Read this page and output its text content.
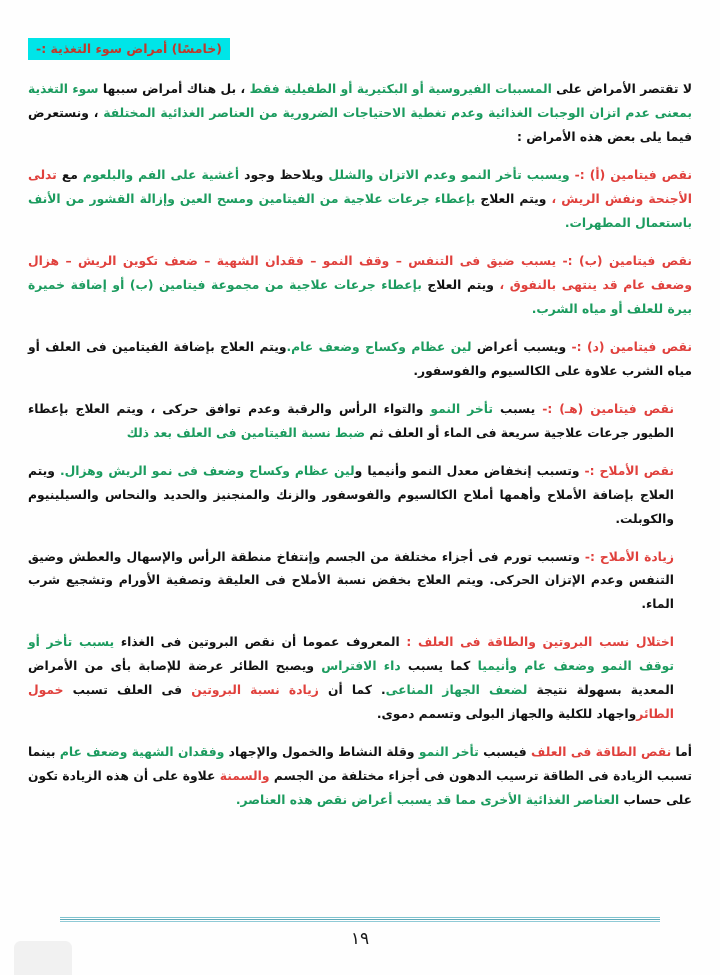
(خامسًا) أمراض سوء التغذية :-

لا تقتصر الأمراض على المسببات الفيروسية أو البكتيرية أو الطفيلية فقط ، بل هناك أمراض سببها سوء التغذية بمعنى عدم اتزان الوجبات الغذائية وعدم تغطية الاحتياجات الضرورية من العناصر الغذائية المختلفة ، ونستعرض فيما يلى بعض هذه الأمراض :

نقص فيتامين (أ) :- ويسبب تأخر النمو وعدم الاتزان والشلل ويلاحظ وجود أغشية على الفم والبلعوم مع تدلى الأجنحة ونفش الريش ، ويتم العلاج بإعطاء جرعات علاجية من الفيتامين ومسح العين وإزالة القشور من الأنف باستعمال المطهرات.

نقص فيتامين (ب) :- يسبب ضيق فى التنفس – وقف النمو – فقدان الشهية – ضعف تكوين الريش – هزال وضعف عام قد ينتهى بالنفوق ، ويتم العلاج بإعطاء جرعات علاجية من مجموعة فيتامين (ب) أو إضافة خميرة بيرة للعلف أو مياه الشرب.

نقص فيتامين (د) :- ويسبب أعراض لين عظام وكساح وضعف عام.ويتم العلاج بإضافة الفيتامين فى العلف أو مياه الشرب علاوة على الكالسيوم والفوسفور.

نقص فيتامين (هـ) :- يسبب تأخر النمو والتواء الرأس والرقبة وعدم توافق حركى ، ويتم العلاج بإعطاء الطيور جرعات علاجية سريعة فى الماء أو العلف ثم ضبط نسبة الفيتامين فى العلف بعد ذلك

نقص الأملاح :- وتسبب إنخفاض معدل النمو وأنيميا ولين عظام وكساح وضعف فى نمو الريش وهزال. ويتم العلاج بإضافة الأملاح وأهمها أملاح الكالسيوم والفوسفور والزنك والمنجنيز والحديد والنحاس والسيلينيوم والكوبلت.

زيادة الأملاح :- وتسبب تورم فى أجزاء مختلفة من الجسم وإنتفاخ منطقة الرأس والإسهال والعطش وضيق التنفس وعدم الإتزان الحركى. ويتم العلاج بخفض نسبة الأملاح فى العليقة وتصفية الأورام وتشجيع شرب الماء.

اختلال نسب البروتين والطاقة فى العلف : المعروف عموما أن نقص البروتين فى الغذاء يسبب تأخر أو توقف النمو وضعف عام وأنيميا كما يسبب داء الافتراس ويصبح الطائر عرضة للإصابة بأى من الأمراض المعدية بسهولة نتيجة لضعف الجهاز المناعى. كما أن زيادة نسبة البروتين فى العلف تسبب خمول الطائرواجهاد للكلية والجهاز البولى وتسمم دموى.

أما نقص الطاقة فى العلف فيسبب تأخر النمو وقلة النشاط والخمول والإجهاد وفقدان الشهية وضعف عام بينما تسبب الزيادة فى الطاقة ترسيب الدهون فى أجزاء مختلفة من الجسم والسمنة علاوة على أن هذه الزيادة تكون على حساب العناصر الغذائية الأخرى مما قد يسبب أعراض نقص هذه العناصر.

١٩
